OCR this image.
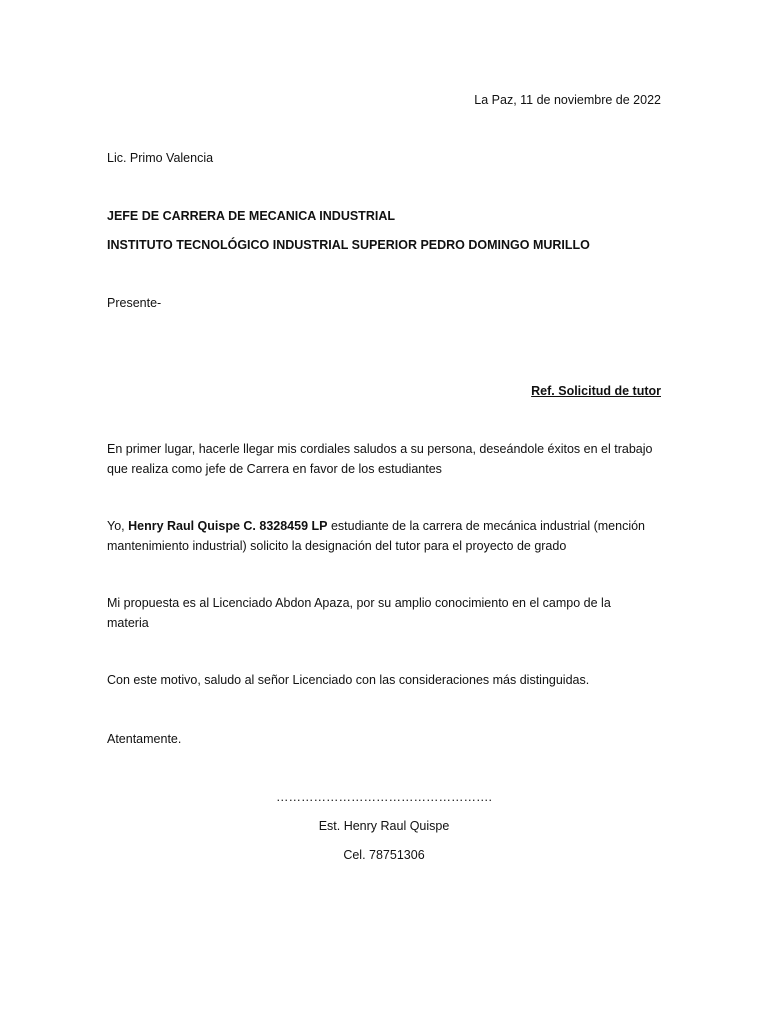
La Paz, 11 de noviembre de 2022
Lic. Primo Valencia
JEFE DE CARRERA DE MECANICA INDUSTRIAL
INSTITUTO TECNOLÓGICO INDUSTRIAL SUPERIOR PEDRO DOMINGO MURILLO
Presente-
Ref. Solicitud de tutor
En primer lugar, hacerle llegar mis cordiales saludos a su persona, deseándole éxitos en el trabajo
que realiza como jefe de Carrera en favor de los estudiantes
Yo, Henry Raul Quispe C. 8328459 LP estudiante de la carrera de mecánica industrial (mención
mantenimiento industrial) solicito la designación del tutor para el proyecto de grado
Mi propuesta es al Licenciado Abdon Apaza, por su amplio conocimiento en el campo de la
materia
Con este motivo, saludo al señor Licenciado con las consideraciones más distinguidas.
Atentamente.
…………………………………………….
Est. Henry Raul Quispe
Cel. 78751306
